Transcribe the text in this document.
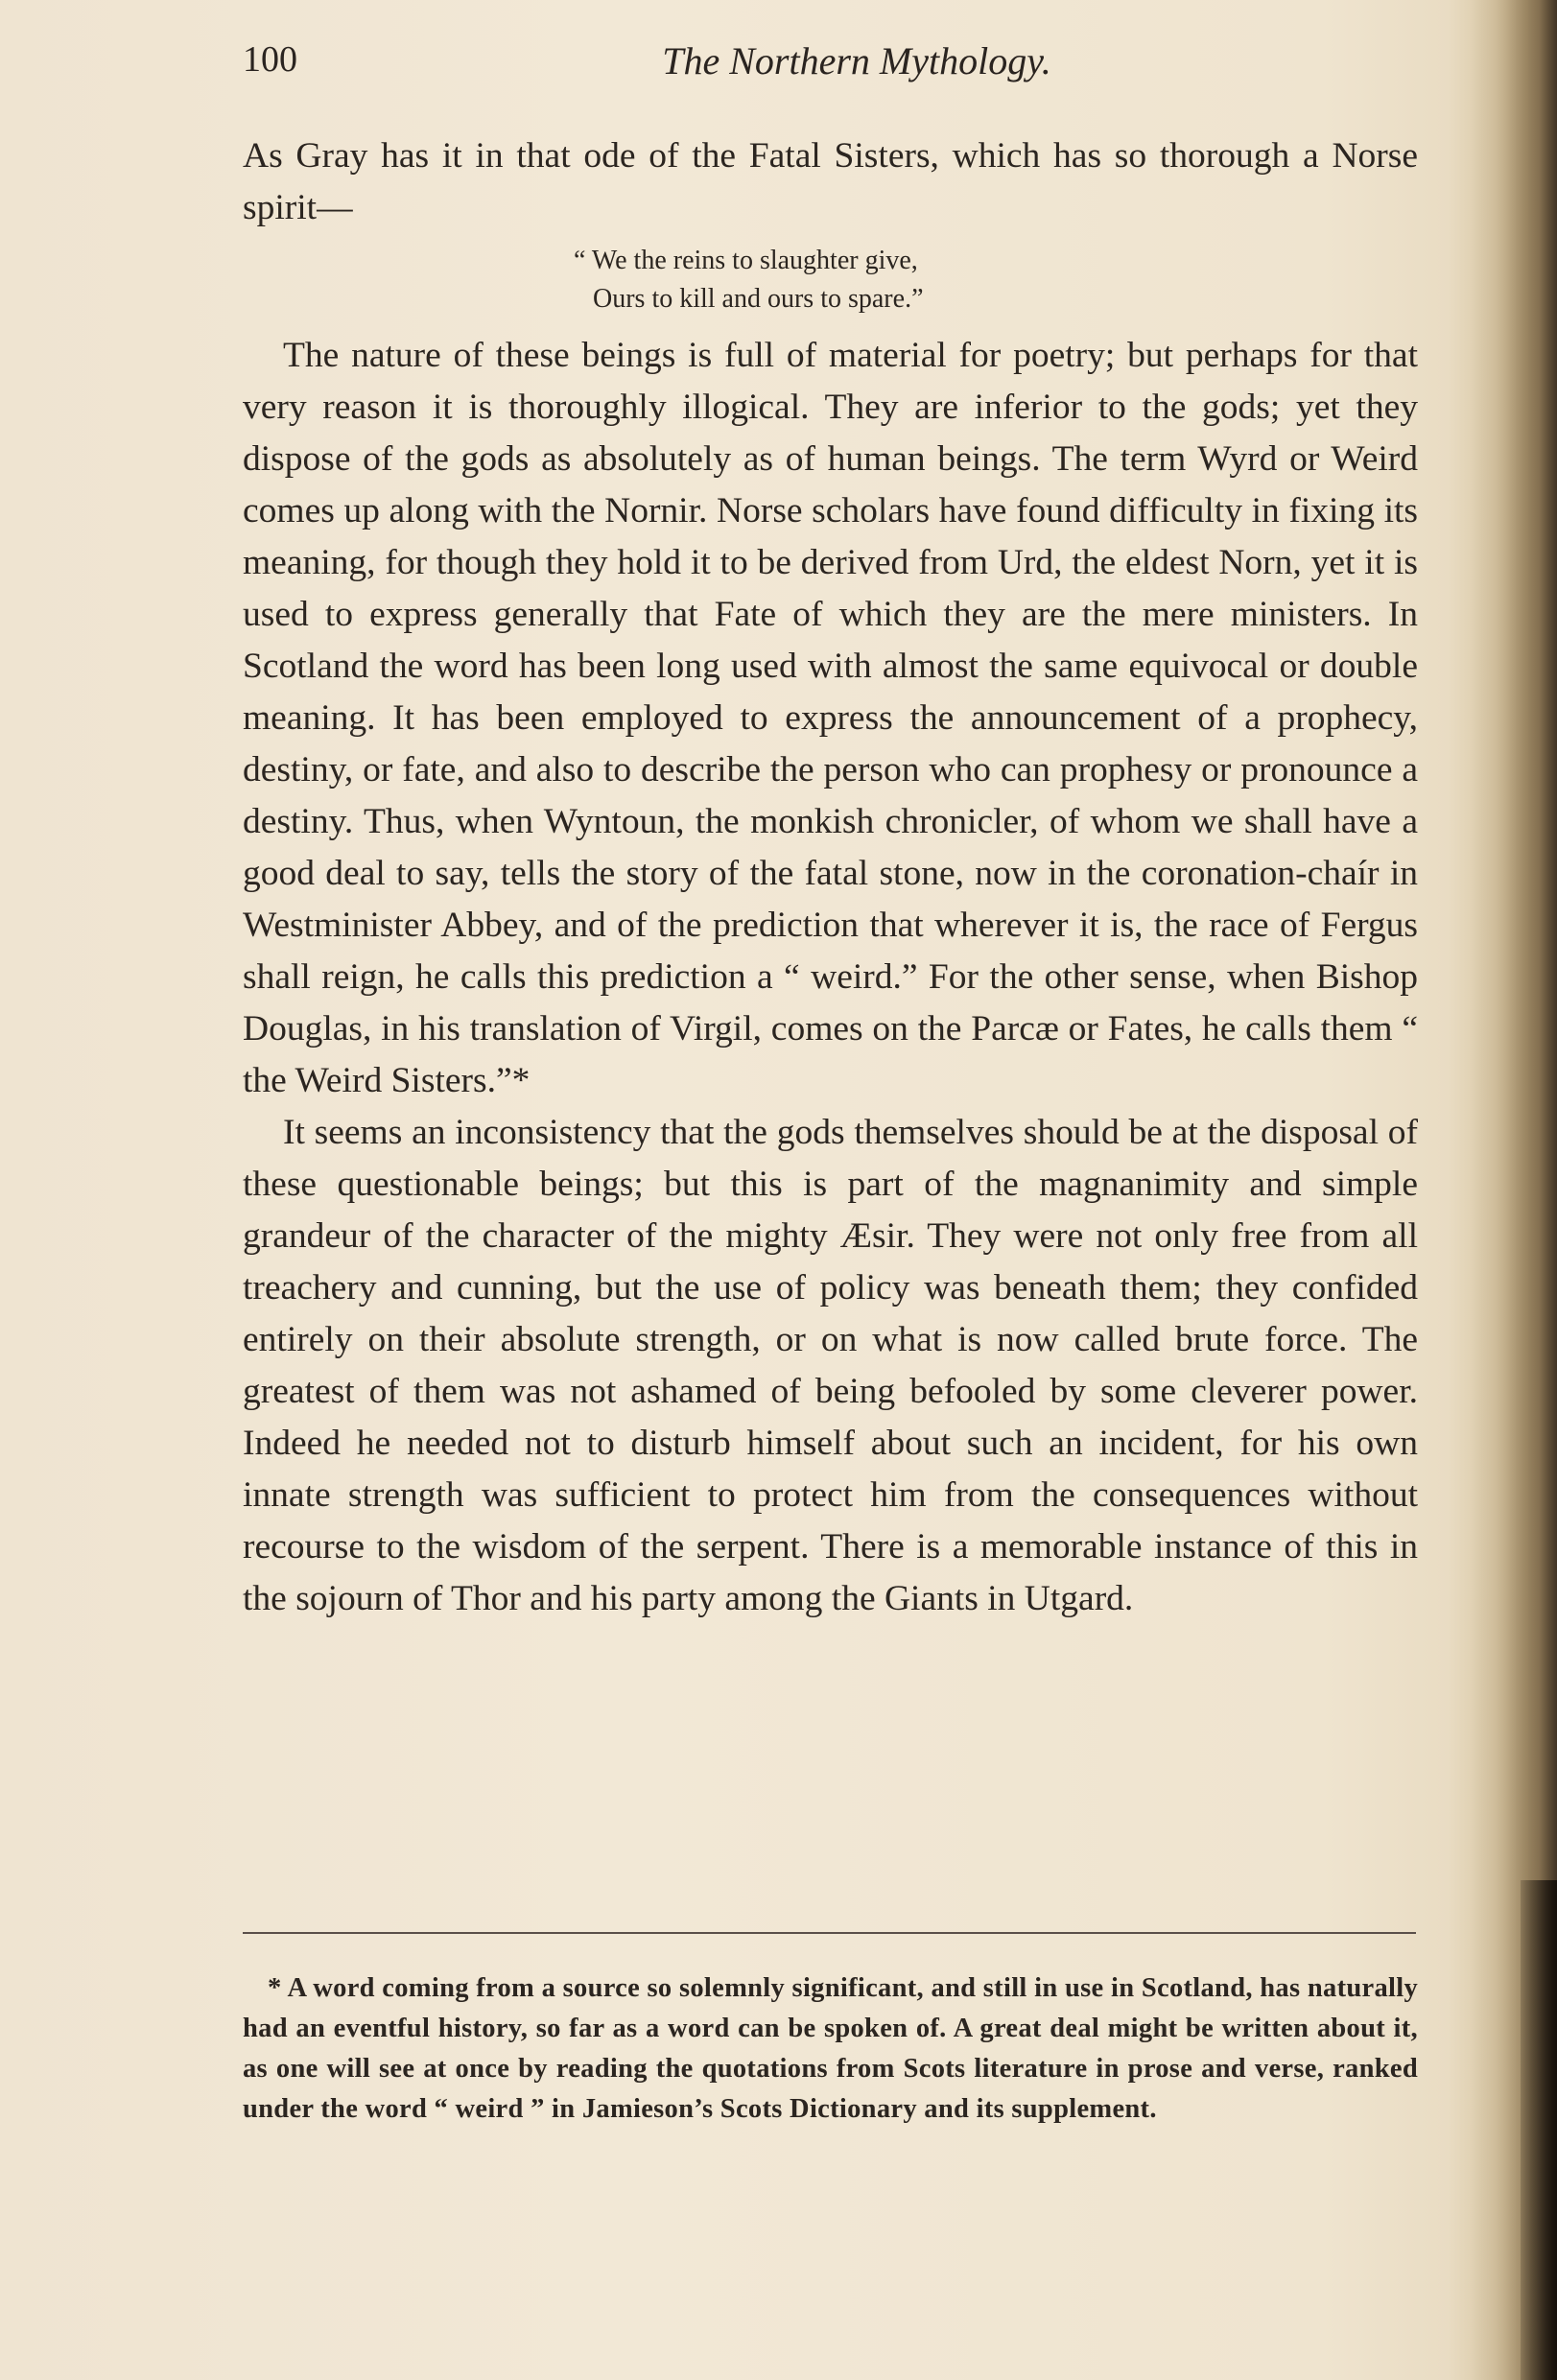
100	The Northern Mythology.

As Gray has it in that ode of the Fatal Sisters, which has so thorough a Norse spirit—

“ We the reins to slaughter give,
Ours to kill and ours to spare.”

The nature of these beings is full of material for poetry; but perhaps for that very reason it is thoroughly illogical. They are inferior to the gods; yet they dispose of the gods as absolutely as of human beings. The term Wyrd or Weird comes up along with the Nornir. Norse scholars have found difficulty in fixing its meaning, for though they hold it to be derived from Urd, the eldest Norn, yet it is used to express generally that Fate of which they are the mere ministers. In Scotland the word has been long used with almost the same equivocal or double meaning. It has been employed to express the announcement of a prophecy, destiny, or fate, and also to describe the person who can prophesy or pronounce a destiny. Thus, when Wyntoun, the monkish chronicler, of whom we shall have a good deal to say, tells the story of the fatal stone, now in the coronation-chaír in Westminister Abbey, and of the prediction that wherever it is, the race of Fergus shall reign, he calls this prediction a “ weird.” For the other sense, when Bishop Douglas, in his translation of Virgil, comes on the Parcæ or Fates, he calls them “ the Weird Sisters.”*

It seems an inconsistency that the gods themselves should be at the disposal of these questionable beings; but this is part of the magnanimity and simple grandeur of the character of the mighty Æsir. They were not only free from all treachery and cunning, but the use of policy was beneath them; they confided entirely on their absolute strength, or on what is now called brute force. The greatest of them was not ashamed of being befooled by some cleverer power. Indeed he needed not to disturb himself about such an incident, for his own innate strength was sufficient to protect him from the consequences without recourse to the wisdom of the serpent. There is a memorable instance of this in the sojourn of Thor and his party among the Giants in Utgard.

* A word coming from a source so solemnly significant, and still in use in Scotland, has naturally had an eventful history, so far as a word can be spoken of. A great deal might be written about it, as one will see at once by reading the quotations from Scots literature in prose and verse, ranked under the word “ weird ” in Jamieson’s Scots Dictionary and its supplement.
